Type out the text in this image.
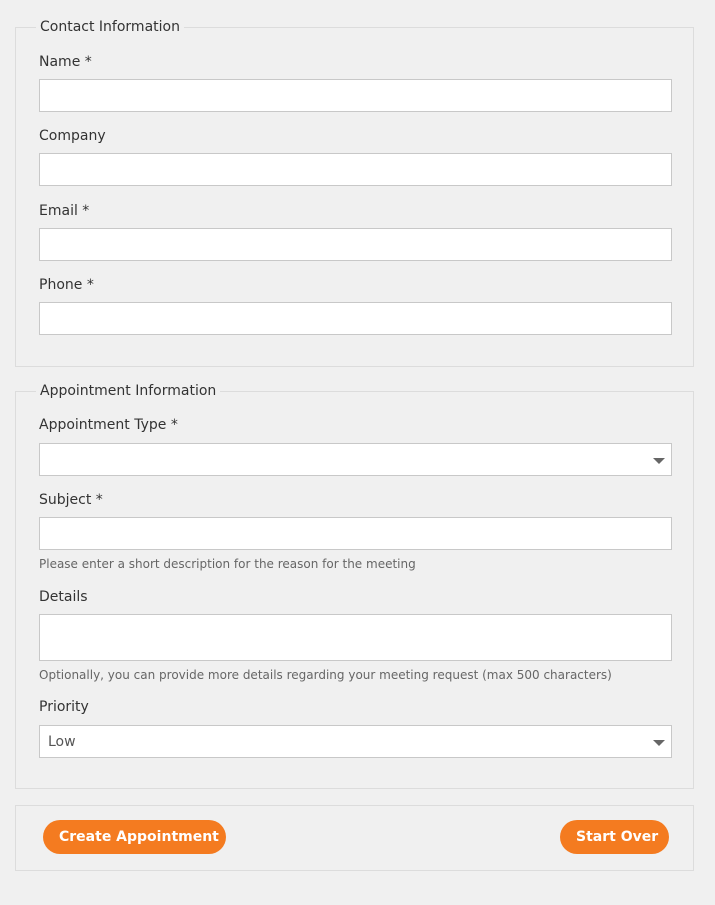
Contact Information
Name *
Company
Email *
Phone *
Appointment Information
Appointment Type *
Subject *
Please enter a short description for the reason for the meeting
Details
Optionally, you can provide more details regarding your meeting request (max 500 characters)
Priority
Low
Create Appointment	Start Over
